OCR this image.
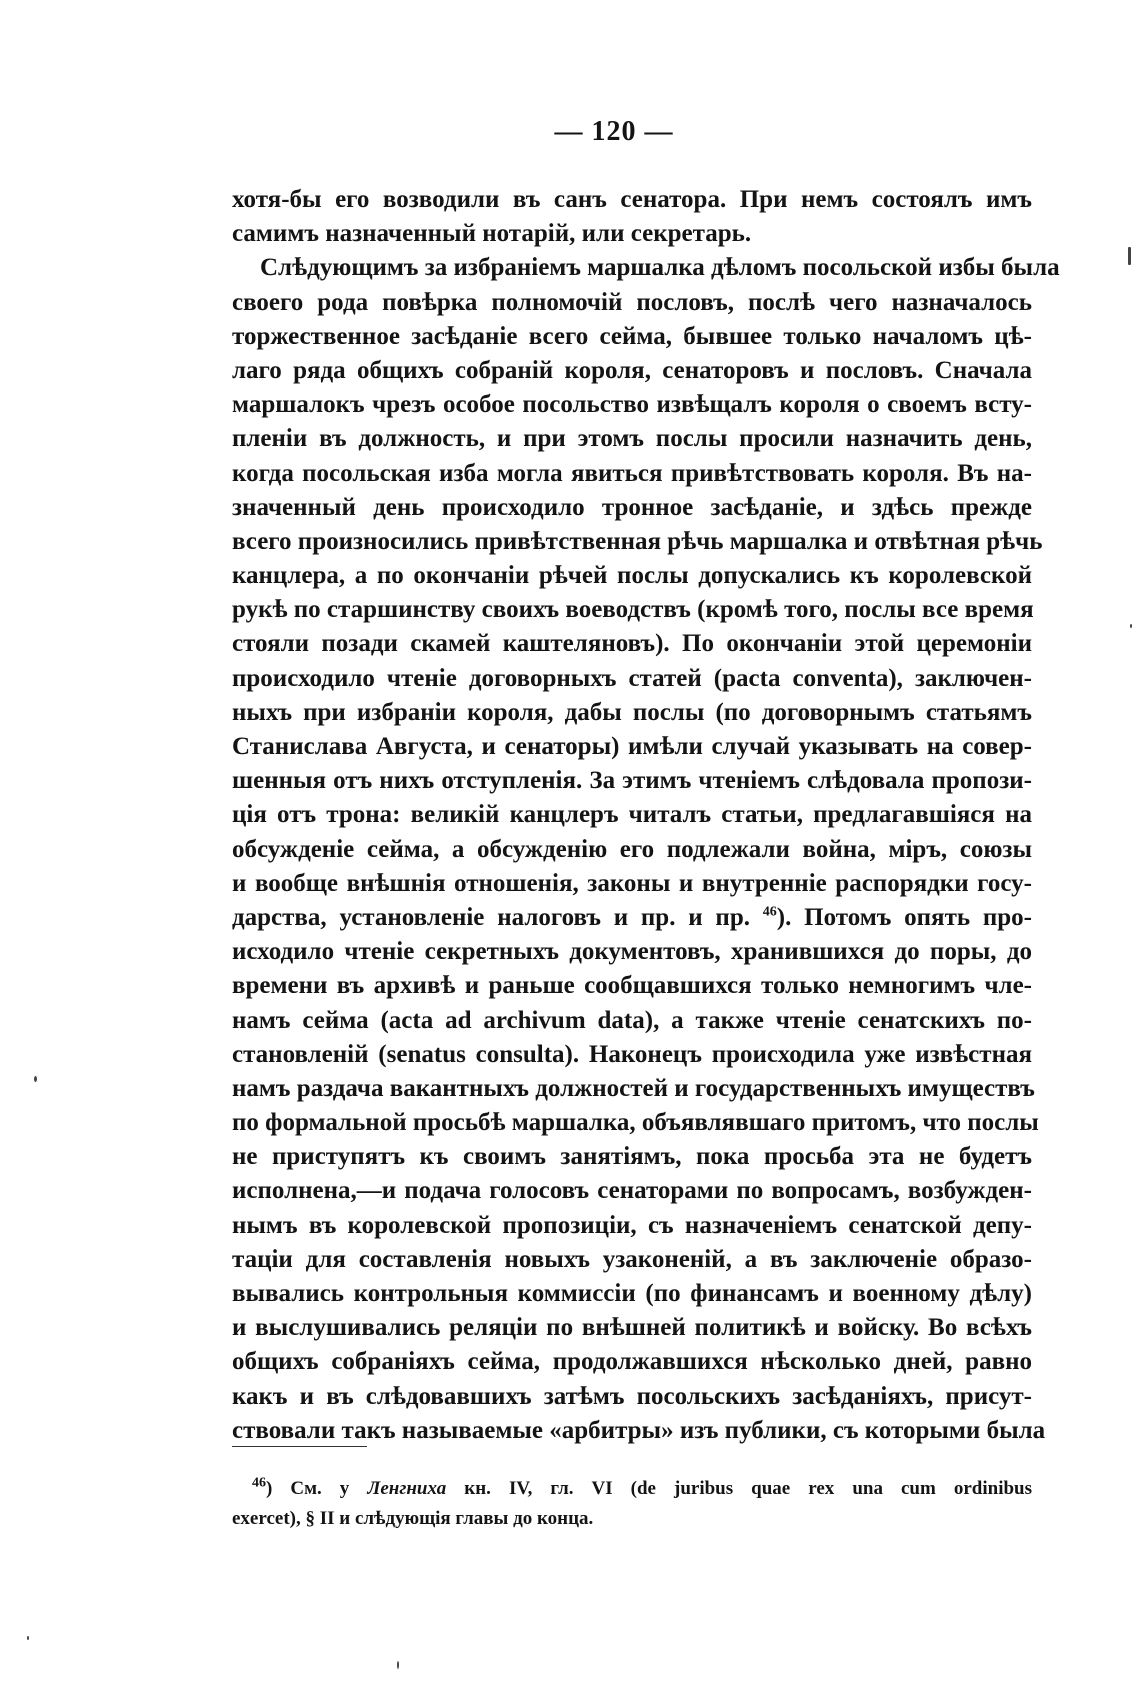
— 120 —
хотя-бы его возводили въ санъ сенатора. При немъ состоялъ имъ
самимъ назначенный нотарій, или секретарь.
Слѣдующимъ за избраніемъ маршалка дѣломъ посольской избы была
своего рода повѣрка полномочій пословъ, послѣ чего назначалось
торжественное засѣданіе всего сейма, бывшее только началомъ цѣ-
лаго ряда общихъ собраній короля, сенаторовъ и пословъ. Сначала
маршалокъ чрезъ особое посольство извѣщалъ короля о своемъ всту-
пленіи въ должность, и при этомъ послы просили назначить день,
когда посольская изба могла явиться привѣтствовать короля. Въ на-
значенный день происходило тронное засѣданіе, и здѣсь прежде
всего произносились привѣтственная рѣчь маршалка и отвѣтная рѣчь
канцлера, а по окончаніи рѣчей послы допускались къ королевской
рукѣ по старшинству своихъ воеводствъ (кромѣ того, послы все время
стояли позади скамей каштеляновъ). По окончаніи этой церемоніи
происходило чтеніе договорныхъ статей (pacta conventa), заключен-
ныхъ при избраніи короля, дабы послы (по договорнымъ статьямъ
Станислава Августа, и сенаторы) имѣли случай указывать на совер-
шенныя отъ нихъ отступленія. За этимъ чтеніемъ слѣдовала пропози-
ція отъ трона: великій канцлеръ читалъ статьи, предлагавшіяся на
обсужденіе сейма, а обсужденію его подлежали война, міръ, союзы
и вообще внѣшнія отношенія, законы и внутренніе распорядки госу-
дарства, установленіе налоговъ и пр. и пр. $^{46}$). Потомъ опять про-
исходило чтеніе секретныхъ документовъ, хранившихся до поры, до
времени въ архивѣ и раньше сообщавшихся только немногимъ чле-
намъ сейма (acta ad archivum data), а также чтеніе сенатскихъ по-
становленій (senatus consulta). Наконецъ происходила уже извѣстная
намъ раздача вакантныхъ должностей и государственныхъ имуществъ
по формальной просьбѣ маршалка, объявлявшаго притомъ, что послы
не приступятъ къ своимъ занятіямъ, пока просьба эта не будетъ
исполнена,—и подача голосовъ сенаторами по вопросамъ, возбужден-
нымъ въ королевской пропозиціи, съ назначеніемъ сенатской депу-
таціи для составленія новыхъ узаконеній, а въ заключеніе образо-
вывались контрольныя коммиссіи (по финансамъ и военному дѣлу)
и выслушивались реляціи по внѣшней политикѣ и войску. Во всѣхъ
общихъ собраніяхъ сейма, продолжавшихся нѣсколько дней, равно
какъ и въ слѣдовавшихъ затѣмъ посольскихъ засѣданіяхъ, присут-
ствовали такъ называемые «арбитры» изъ публики, съ которыми была
$^{46}$) См. у Ленгниха кн. IV, гл. VI (de juribus quae rex una cum ordinibus
exercet), § II и слѣдующія главы до конца.
